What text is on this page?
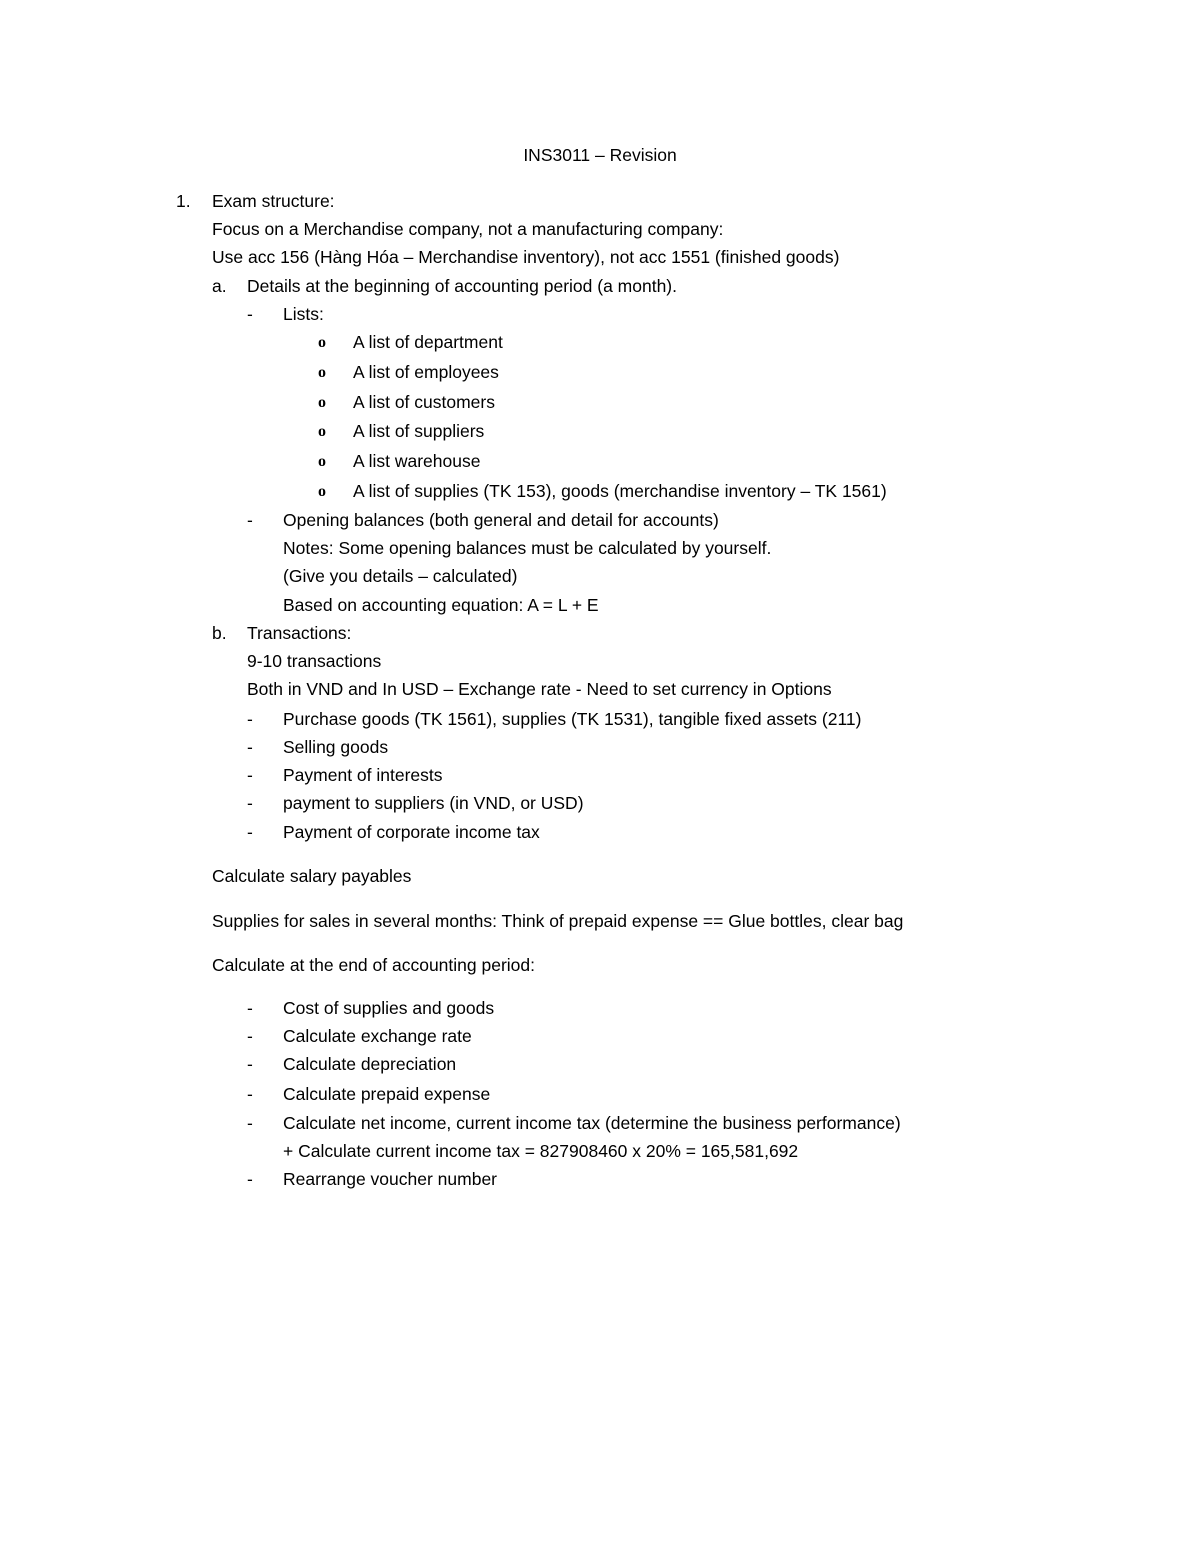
INS3011 – Revision
1. Exam structure:
Focus on a Merchandise company, not a manufacturing company:
Use acc 156 (Hàng Hóa – Merchandise inventory), not acc 1551 (finished goods)
a. Details at the beginning of accounting period (a month).
- Lists:
o A list of department
o A list of employees
o A list of customers
o A list of suppliers
o A list warehouse
o A list of supplies (TK 153), goods (merchandise inventory – TK 1561)
- Opening balances (both general and detail for accounts)
Notes: Some opening balances must be calculated by yourself.
(Give you details – calculated)
Based on accounting equation: A = L + E
b. Transactions:
9-10 transactions
Both in VND and In USD – Exchange rate - Need to set currency in Options
- Purchase goods (TK 1561), supplies (TK 1531), tangible fixed assets (211)
- Selling goods
- Payment of interests
- payment to suppliers (in VND, or USD)
- Payment of corporate income tax
Calculate salary payables
Supplies for sales in several months: Think of prepaid expense == Glue bottles, clear bag
Calculate at the end of accounting period:
- Cost of supplies and goods
- Calculate exchange rate
- Calculate depreciation
- Calculate prepaid expense
- Calculate net income, current income tax (determine the business performance)
+ Calculate current income tax = 827908460 x 20% = 165,581,692
- Rearrange voucher number
